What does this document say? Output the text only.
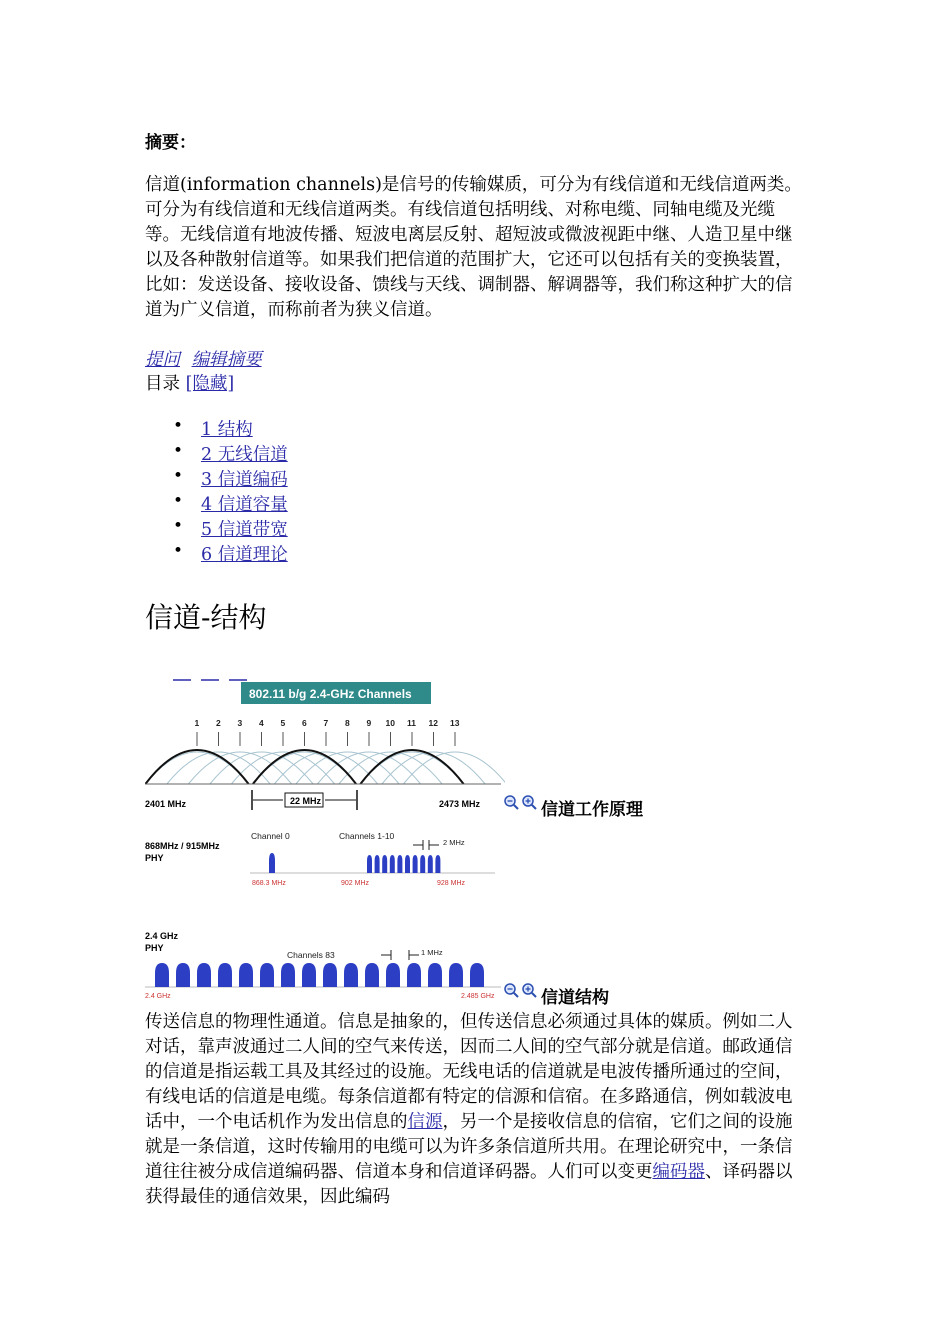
摘要：
信道(information channels)是信号的传输媒质，可分为有线信道和无线信道两类。可分为有线信道和无线信道两类。有线信道包括明线、对称电缆、同轴电缆及光缆等。无线信道有地波传播、短波电离层反射、超短波或微波视距中继、人造卫星中继以及各种散射信道等。如果我们把信道的范围扩大，它还可以包括有关的变换装置，比如：发送设备、接收设备、馈线与天线、调制器、解调器等，我们称这种扩大的信道为广义信道，而称前者为狭义信道。
提问 编辑摘要
目录 [隐藏]
• 1 结构
• 2 无线信道
• 3 信道编码
• 4 信道容量
• 5 信道带宽
• 6 信道理论
信道-结构
802.11 b/g 2.4-GHz Channels
1 2 3 4 5 6 7 8 9 10 11 12 13
2401 MHz	2473 MHz
22 MHz	信道工作原理
868MHz / 915MHz
PHY
Channel 0	Channels 1-10
2 MHz
868.3 MHz	902 MHz	928 MHz
2.4 GHz
PHY
Channels 83	1 MHz
2.4 GHz	2.485 GHz	信道结构
传送信息的物理性通道。信息是抽象的，但传送信息必须通过具体的媒质。例如二人对话，靠声波通过二人间的空气来传送，因而二人间的空气部分就是信道。邮政通信的信道是指运载工具及其经过的设施。无线电话的信道就是电波传播所通过的空间，有线电话的信道是电缆。每条信道都有特定的信源和信宿。在多路通信，例如载波电话中，一个电话机作为发出信息的信源，另一个是接收信息的信宿，它们之间的设施就是一条信道，这时传输用的电缆可以为许多条信道所共用。在理论研究中，一条信道往往被分成信道编码器、信道本身和信道译码器。人们可以变更编码器、译码器以获得最佳的通信效果，因此编码
